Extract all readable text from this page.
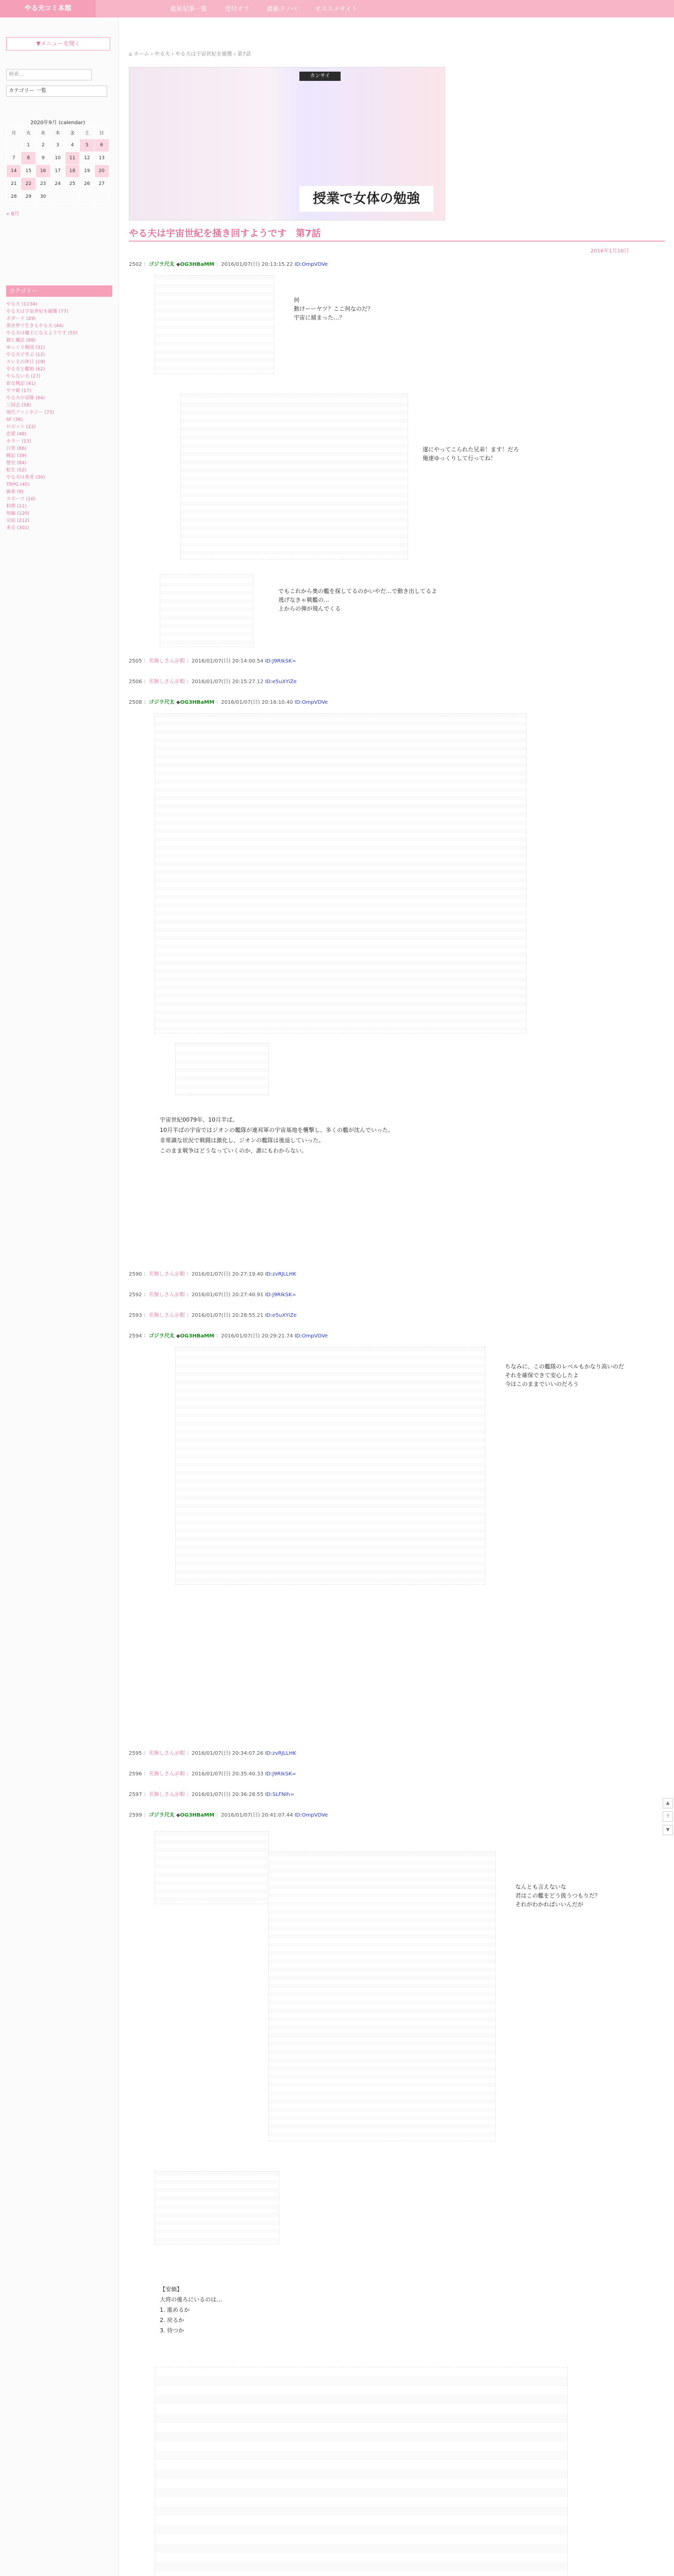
やる夫コミ本館	最新記事一覧	受付オフ	最新ラノベ	オススメサイト
▼メニューを開く
検索...
カテゴリー 一覧
2020年9月 (calendar)
月	火	水	木	金	土	日
	1	2	3	4	5	6
7	8	9	10	11	12	13
14	15	16	17	18	19	20
21	22	23	24	25	26	27
28	29	30				
« 8月
カテゴリー
やる夫 (1134)
やる夫は宇宙世紀を捕獲 (77)
ボダード (29)
異世界で生きるやる夫 (44)
やる夫は魔王になるようです (55)
剣と魔法 (88)
ゆっくり戦国 (31)
やる夫で学ぶ (12)
スレ主の休日 (19)
やる夫と艦娘 (62)
やらない夫 (27)
幼女戦記 (41)
ウマ娘 (17)
やる夫の冒険 (94)
三国志 (58)
現代ファンタジー (73)
SF (36)
ロボット (22)
恋愛 (48)
ホラー (13)
日常 (66)
戦記 (39)
歴史 (84)
転生 (52)
やる夫は勇者 (30)
TRPG (45)
麻雀 (9)
スポーツ (16)
料理 (11)
短編 (120)
完結 (212)
未完 (301)
⌂ ホーム › やる夫 › やる夫は宇宙世紀を捕獲 › 第7話
カンサイ
授業で女体の勉強
やる夫は宇宙世紀を掻き回すようです　第7話
2016年1月10日
2502 ：ゴジラ尺太 ◆OG3HBaMM ：2016/01/07(日) 20:13:15.22 ID:OmpVDVe
何
動けーーヤツ？ここ何なのだ？
宇宙に捕まった…？
遂にやってこられた兄弟！ます！だろ
俺達ゆっくりして行ってね！
でもこれから奥の艦を探してるのかいやだ…で動き出してるよ
逃げなきゃ戦艦の…
上からの弾が飛んでくる
2505 ：名無しさん＠暇 ：2016/01/07(日) 20:14:00.54 ID:J9RIkSK=
2506 ：名無しさん＠暇 ：2016/01/07(日) 20:15:27.12 ID:e5uXYiZe
2508 ：ゴジラ尺太 ◆OG3HBaMM ：2016/01/07(日) 20:16:10.40 ID:OmpVDVe

宇宙世紀0079年、10月半ば。

10月半ばの宇宙ではジオンの艦隊が連邦軍の宇宙基地を襲撃し、多くの艦が沈んでいった。

非常識な状況で戦闘は激化し、ジオンの艦隊は後退していった。

このまま戦争はどうなっていくのか、誰にもわからない。

2590 ：名無しさん＠暇 ：2016/01/07(日) 20:27:19.40 ID:zvRJLLHK
2592 ：名無しさん＠暇 ：2016/01/07(日) 20:27:40.91 ID:J9RIkSK=
2593 ：名無しさん＠暇 ：2016/01/07(日) 20:28:55.21 ID:e5uXYiZe
2594 ：ゴジラ尺太 ◆OG3HBaMM ：2016/01/07(日) 20:29:21.74 ID:OmpVDVe
ちなみに、この艦隊のレベルもかなり高いのだ
それを確保できて安心したよ
今はこのままでいいのだろう
2595 ：名無しさん＠暇 ：2016/01/07(日) 20:34:07.26 ID:zvRJLLHK
2596 ：名無しさん＠暇 ：2016/01/07(日) 20:35:40.33 ID:J9RIkSK=
2597 ：名無しさん＠暇 ：2016/01/07(日) 20:36:28.55 ID:SLFNlh=
2599 ：ゴジラ尺太 ◆OG3HBaMM ：2016/01/07(日) 20:41:07.44 ID:OmpVDVe
なんとも言えないな
君はこの艦をどう扱うつもりだ？
それがわかればいいんだが

【安価】

大将の後ろにいるのは…

1. 進めるか

2. 戻るか

3. 待つか

▲
↑
▼
